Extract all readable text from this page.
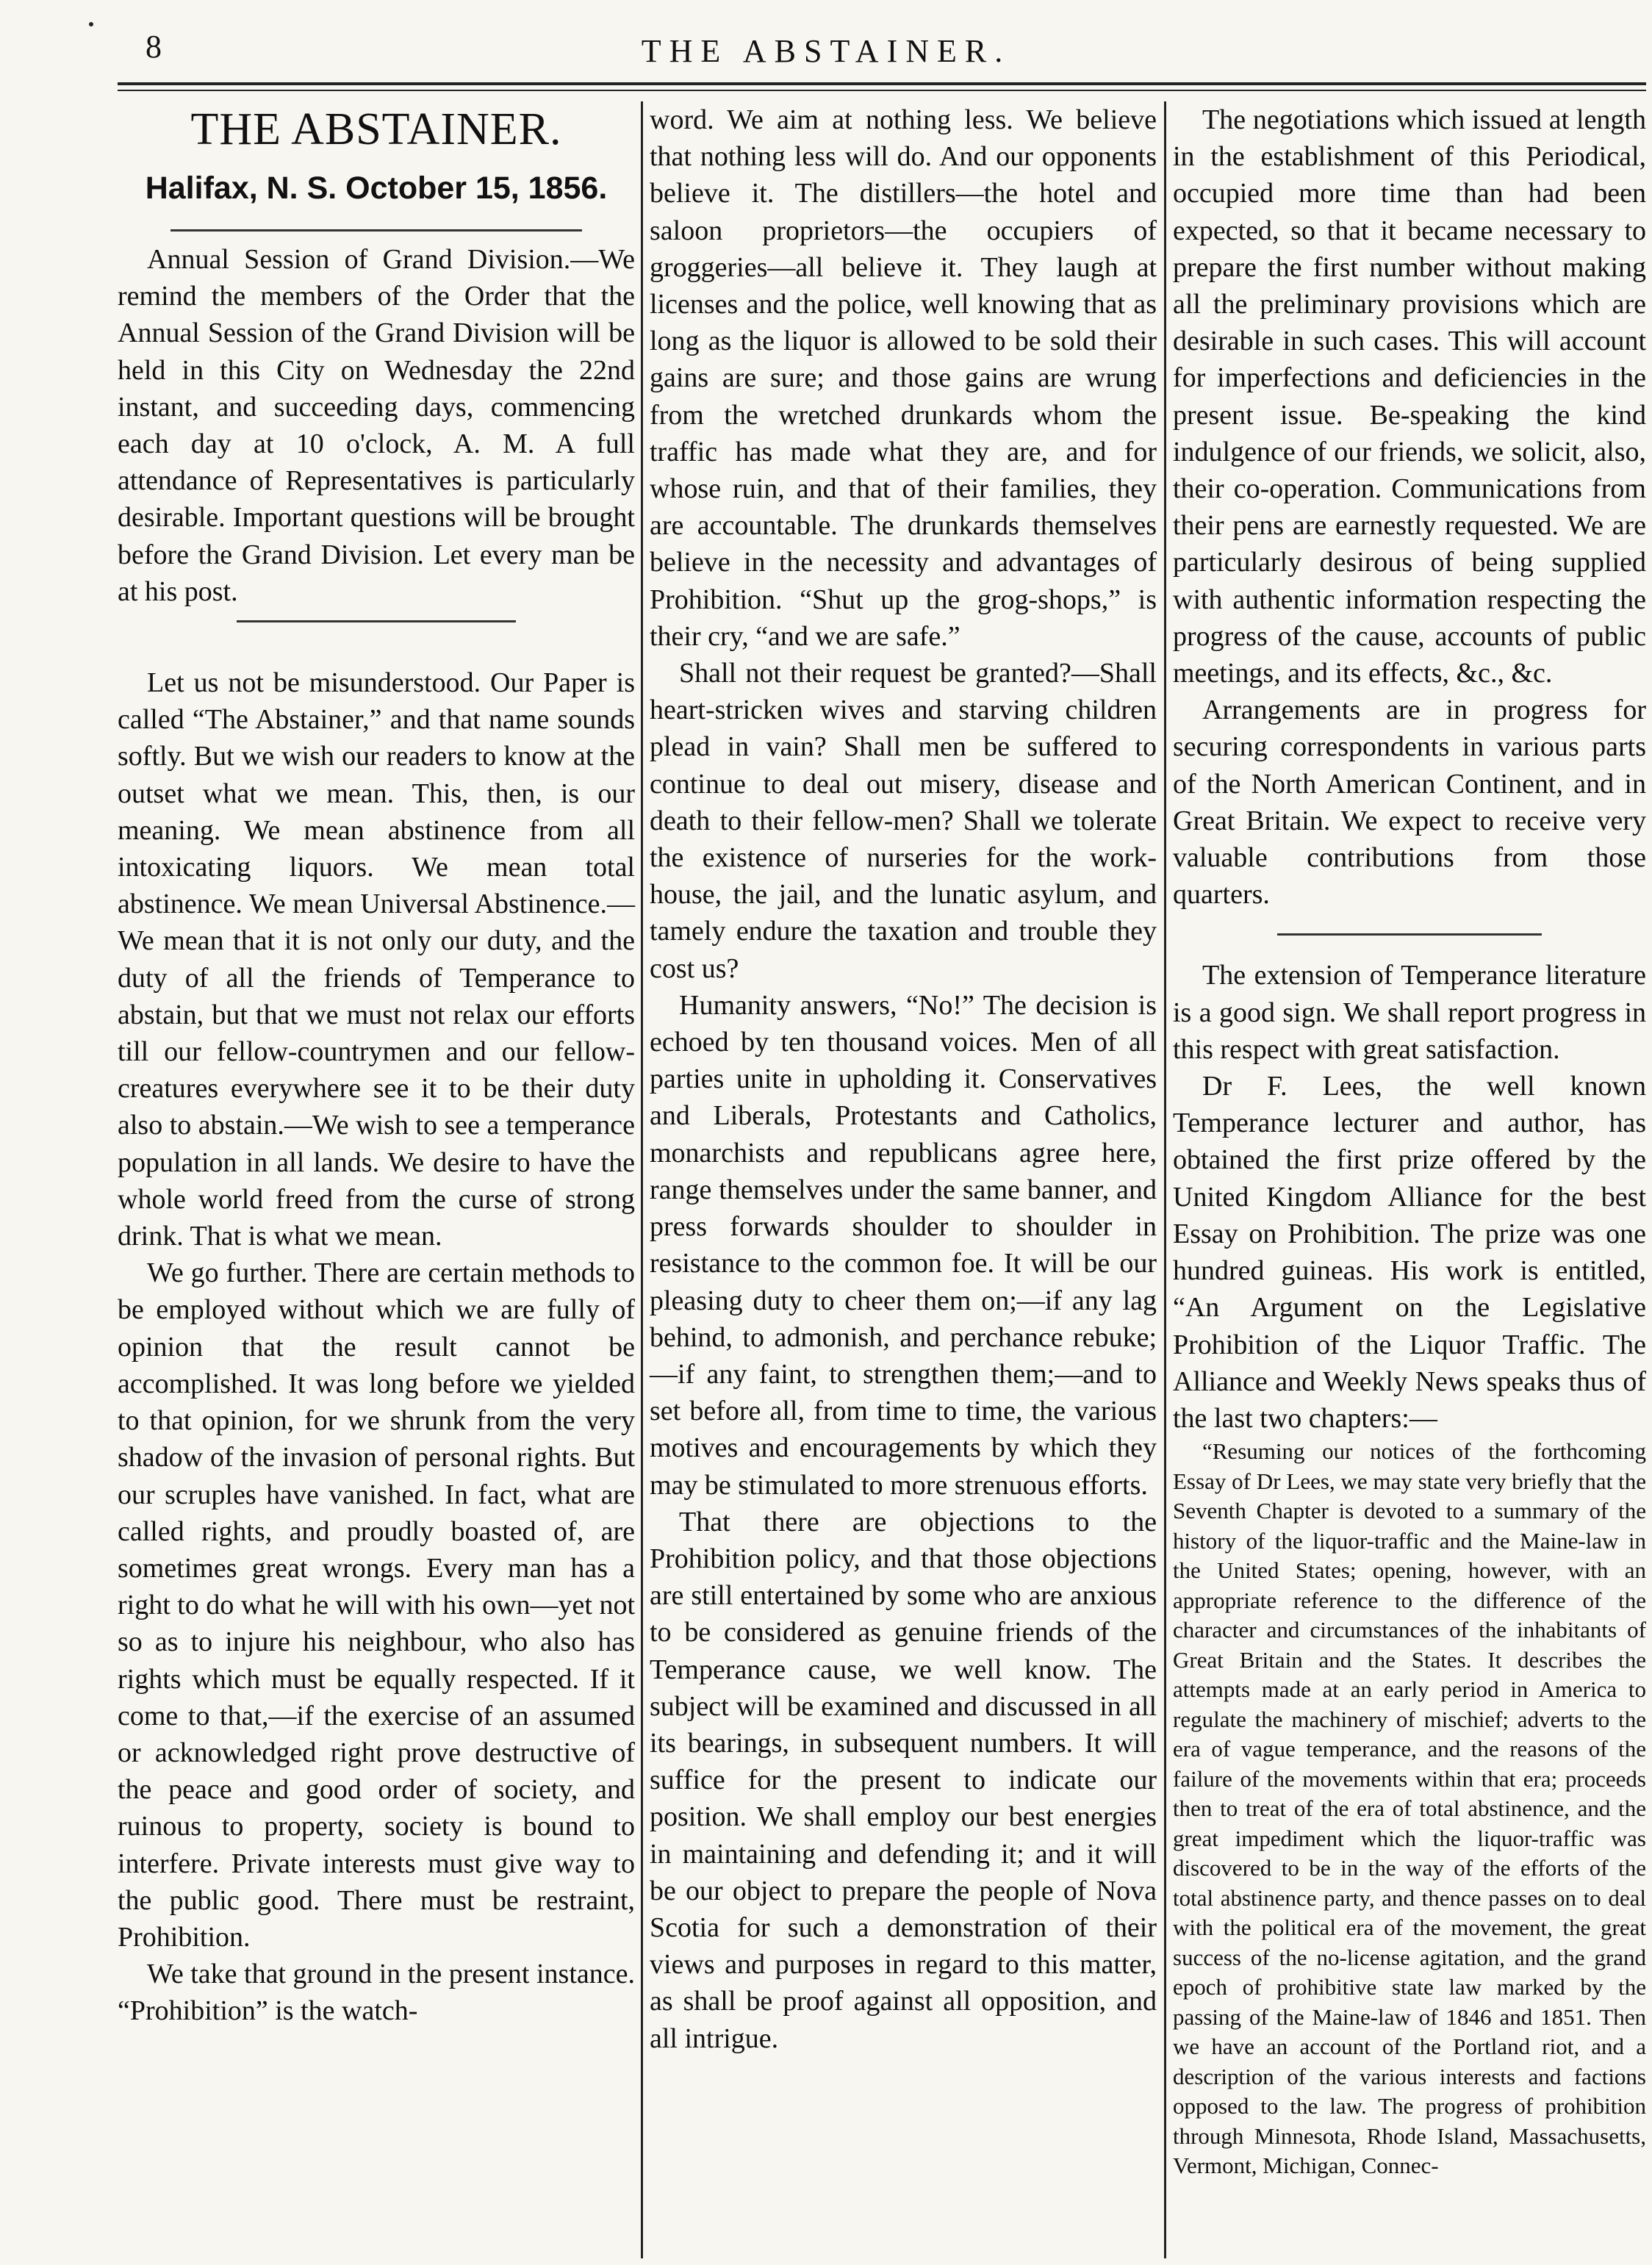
8	THE ABSTAINER.
THE ABSTAINER.
Halifax, N. S. October 15, 1856.

Annual Session of Grand Division.—We remind the members of the Order that the Annual Session of the Grand Division will be held in this City on Wednesday the 22nd instant, and succeeding days, commencing each day at 10 o'clock, A. M. A full attendance of Representatives is particularly desirable. Important questions will be brought before the Grand Division. Let every man be at his post.

Let us not be misunderstood. Our Paper is called “The Abstainer,” and that name sounds softly. But we wish our readers to know at the outset what we mean. This, then, is our meaning. We mean abstinence from all intoxicating liquors. We mean total abstinence. We mean Universal Abstinence.—We mean that it is not only our duty, and the duty of all the friends of Temperance to abstain, but that we must not relax our efforts till our fellow-countrymen and our fellow-creatures everywhere see it to be their duty also to abstain.—We wish to see a temperance population in all lands. We desire to have the whole world freed from the curse of strong drink. That is what we mean.

We go further. There are certain methods to be employed without which we are fully of opinion that the result cannot be accomplished. It was long before we yielded to that opinion, for we shrunk from the very shadow of the invasion of personal rights. But our scruples have vanished. In fact, what are called rights, and proudly boasted of, are sometimes great wrongs. Every man has a right to do what he will with his own—yet not so as to injure his neighbour, who also has rights which must be equally respected. If it come to that,—if the exercise of an assumed or acknowledged right prove destructive of the peace and good order of society, and ruinous to property, society is bound to interfere. Private interests must give way to the public good. There must be restraint, Prohibition.

We take that ground in the present instance. “Prohibition” is the watch-

word. We aim at nothing less. We believe that nothing less will do. And our opponents believe it. The distillers—the hotel and saloon proprietors—the occupiers of groggeries—all believe it. They laugh at licenses and the police, well knowing that as long as the liquor is allowed to be sold their gains are sure; and those gains are wrung from the wretched drunkards whom the traffic has made what they are, and for whose ruin, and that of their families, they are accountable. The drunkards themselves believe in the necessity and advantages of Prohibition. “Shut up the grog-shops,” is their cry, “and we are safe.”

Shall not their request be granted?—Shall heart-stricken wives and starving children plead in vain? Shall men be suffered to continue to deal out misery, disease and death to their fellow-men? Shall we tolerate the existence of nurseries for the work-house, the jail, and the lunatic asylum, and tamely endure the taxation and trouble they cost us?

Humanity answers, “No!” The decision is echoed by ten thousand voices. Men of all parties unite in upholding it. Conservatives and Liberals, Protestants and Catholics, monarchists and republicans agree here, range themselves under the same banner, and press forwards shoulder to shoulder in resistance to the common foe. It will be our pleasing duty to cheer them on;—if any lag behind, to admonish, and perchance rebuke;—if any faint, to strengthen them;—and to set before all, from time to time, the various motives and encouragements by which they may be stimulated to more strenuous efforts.

That there are objections to the Prohibition policy, and that those objections are still entertained by some who are anxious to be considered as genuine friends of the Temperance cause, we well know. The subject will be examined and discussed in all its bearings, in subsequent numbers. It will suffice for the present to indicate our position. We shall employ our best energies in maintaining and defending it; and it will be our object to prepare the people of Nova Scotia for such a demonstration of their views and purposes in regard to this matter, as shall be proof against all opposition, and all intrigue.

The negotiations which issued at length in the establishment of this Periodical, occupied more time than had been expected, so that it became necessary to prepare the first number without making all the preliminary provisions which are desirable in such cases. This will account for imperfections and deficiencies in the present issue. Be-speaking the kind indulgence of our friends, we solicit, also, their co-operation. Communications from their pens are earnestly requested. We are particularly desirous of being supplied with authentic information respecting the progress of the cause, accounts of public meetings, and its effects, &c., &c.

Arrangements are in progress for securing correspondents in various parts of the North American Continent, and in Great Britain. We expect to receive very valuable contributions from those quarters.

The extension of Temperance literature is a good sign. We shall report progress in this respect with great satisfaction.

Dr F. Lees, the well known Temperance lecturer and author, has obtained the first prize offered by the United Kingdom Alliance for the best Essay on Prohibition. The prize was one hundred guineas. His work is entitled, “An Argument on the Legislative Prohibition of the Liquor Traffic. The Alliance and Weekly News speaks thus of the last two chapters:—

“Resuming our notices of the forthcoming Essay of Dr Lees, we may state very briefly that the Seventh Chapter is devoted to a summary of the history of the liquor-traffic and the Maine-law in the United States; opening, however, with an appropriate reference to the difference of the character and circumstances of the inhabitants of Great Britain and the States. It describes the attempts made at an early period in America to regulate the machinery of mischief; adverts to the era of vague temperance, and the reasons of the failure of the movements within that era; proceeds then to treat of the era of total abstinence, and the great impediment which the liquor-traffic was discovered to be in the way of the efforts of the total abstinence party, and thence passes on to deal with the political era of the movement, the great success of the no-license agitation, and the grand epoch of prohibitive state law marked by the passing of the Maine-law of 1846 and 1851. Then we have an account of the Portland riot, and a description of the various interests and factions opposed to the law. The progress of prohibition through Minnesota, Rhode Island, Massachusetts, Vermont, Michigan, Connec-
